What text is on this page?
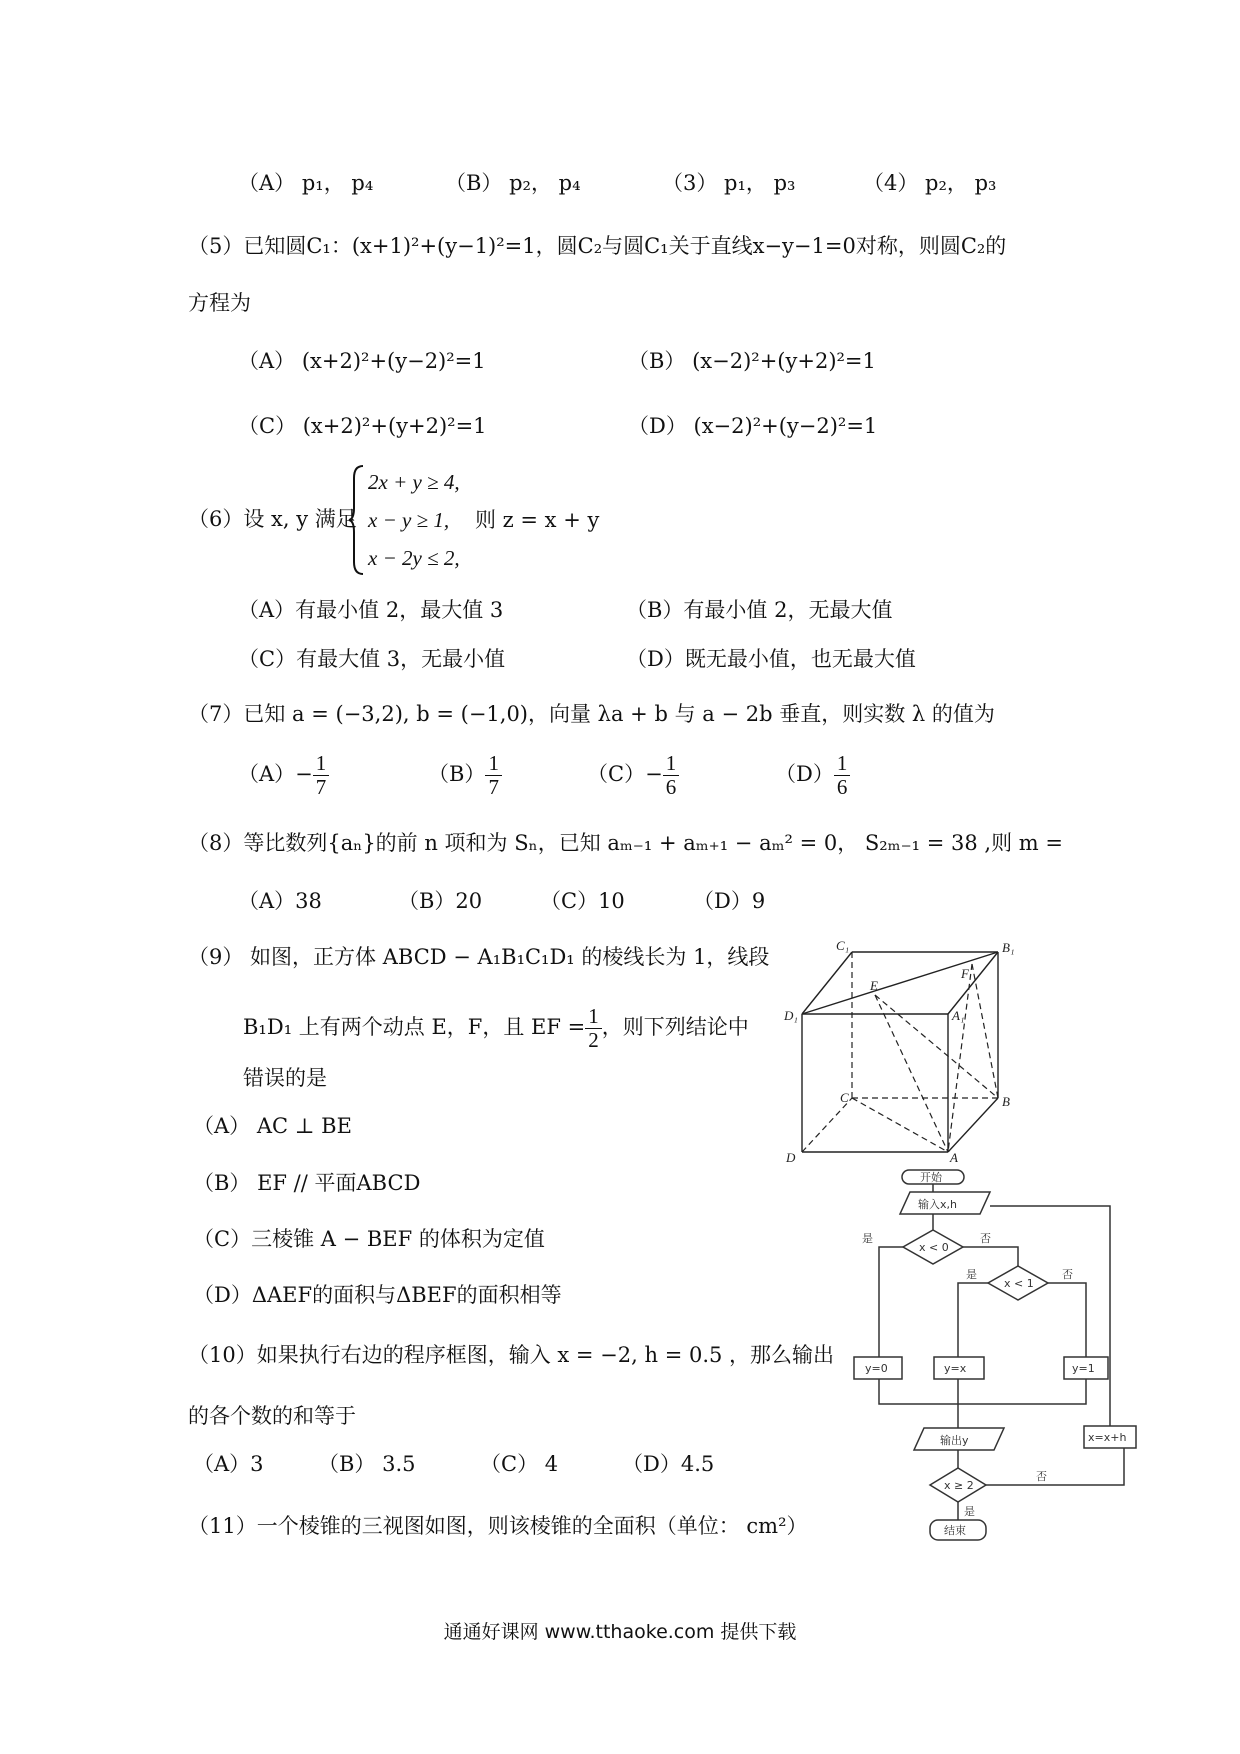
（A） p₁， p₄	（B） p₂， p₄	（3） p₁， p₃	（4） p₂， p₃
（5）已知圆C₁：(x+1)²+(y−1)²=1，圆C₂与圆C₁关于直线x−y−1=0对称，则圆C₂的
方程为
（A） (x+2)²+(y−2)²=1	（B） (x−2)²+(y+2)²=1
（C） (x+2)²+(y+2)²=1	（D） (x−2)²+(y−2)²=1
（6）设 x, y 满足
2x + y ≥ 4,
x − y ≥ 1, 则 z = x + y
x − 2y ≤ 2,
（A）有最小值 2，最大值 3	（B）有最小值 2，无最大值
（C）有最大值 3，无最小值	（D）既无最小值，也无最大值
（7）已知 a = (−3,2), b = (−1,0)，向量 λa + b 与 a − 2b 垂直，则实数 λ 的值为
$(A)- \frac{1}{7}$	$(B) \frac{1}{7}$	$(C)- \frac{1}{6}$	$(D) \frac{1}{6}$
（8）等比数列{aₙ}的前 n 项和为 Sₙ，已知 aₘ₋₁ + aₘ₊₁ − aₘ² = 0， S₂ₘ₋₁ = 38 ,则 m =
（A）38	（B）20	（C）10	（D）9
（9） 如图，正方体 ABCD − A₁B₁C₁D₁ 的棱线长为 1，线段
B₁D₁ 上有两个动点 E，F，且 EF = $\frac{1}{2}$ ，则下列结论中
错误的是
（A） AC ⊥ BE
（B） EF // 平面ABCD
（C）三棱锥 A − BEF 的体积为定值
（D）ΔAEF的面积与ΔBEF的面积相等
C₁	B₁
D₁	A₁
E
F
C	B
D	A
（10）如果执行右边的程序框图，输入 x = −2, h = 0.5 ，那么输出
的各个数的和等于
（A）3	（B） 3.5	（C） 4	（D）4.5
开始
输入x,h
x < 0
是	否
x < 1
是	否
y=0	y=x	y=1
输出y
x ≥ 2
否
x=x+h
是
结束
（11）一个棱锥的三视图如图，则该棱锥的全面积（单位： cm²）
通通好课网 www.tthaoke.com 提供下载
